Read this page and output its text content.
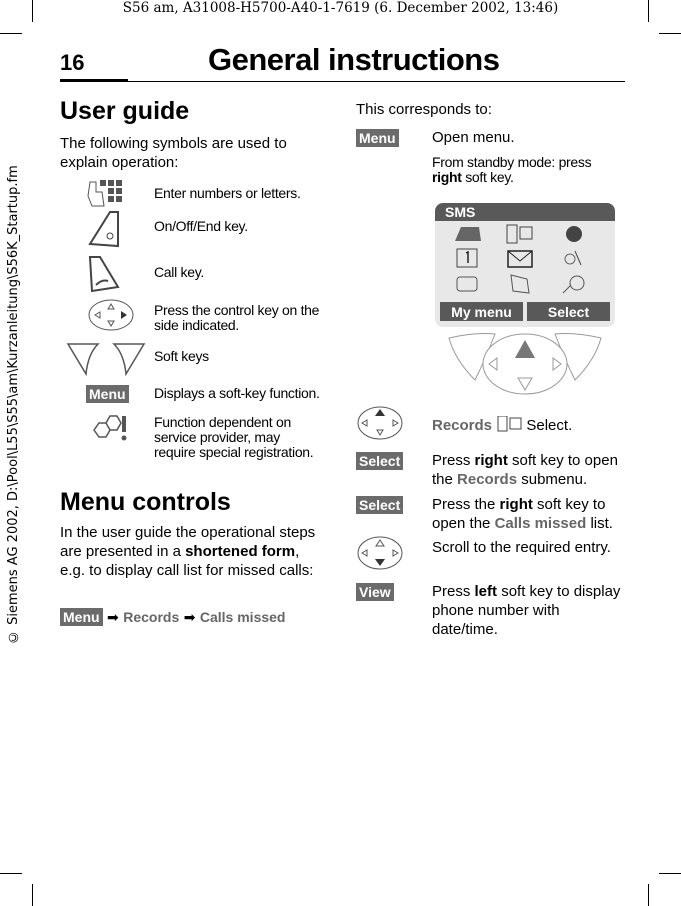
S56 am, A31008-H5700-A40-1-7619 (6. December 2002, 13:46)
© Siemens AG 2002, D:\Pool\L55\S55\am\Kurzanleitung\S56K_Startup.fm
16	General instructions
User guide
The following symbols are used to explain operation:
Enter numbers or letters.
On/Off/End key.
Call key.
Press the control key on the side indicated.
Soft keys
Menu Displays a soft-key function.
Function dependent on service provider, may require special registration.
Menu controls
In the user guide the operational steps are presented in a shortened form, e.g. to display call list for missed calls:
Menu ➡ Records ➡ Calls missed
This corresponds to:
Menu Open menu.
From standby mode: press right soft key.
SMS
My menu	Select
Records Select.
Select Press right soft key to open the Records submenu.
Select Press the right soft key to open the Calls missed list.
Scroll to the required entry.
View	Press left soft key to display phone number with date/time.
